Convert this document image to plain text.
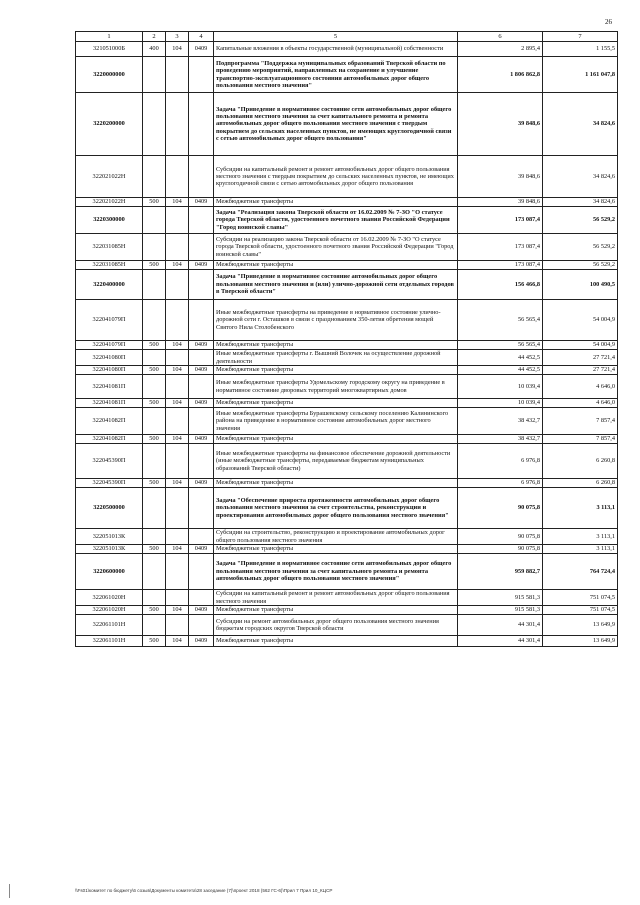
26
1	2	3	4	5	6	7
321051000Б	400	104	0409	Капитальные вложения в объекты государственной (муниципальной) собственности	2 895,4	1 155,5
3220000000				Подпрограмма "Поддержка муниципальных образований Тверской области по проведению мероприятий, направленных на сохранение и улучшение транспортно-эксплуатационного состояния автомобильных дорог общего пользования местного значения"	1 806 862,8	1 161 047,8
3220200000				Задача "Приведение в нормативное состояние сети автомобильных дорог общего пользования местного значения за счет капитального ремонта и ремонта автомобильных дорог общего пользования местного значения с твердым покрытием до сельских населенных пунктов, не имеющих круглогодичной связи с сетью автомобильных дорог общего пользования"	39 848,6	34 824,6
322021022Н				Субсидии на капитальный ремонт и ремонт автомобильных дорог общего пользования местного значения с твердым покрытием до сельских населенных пунктов, не имеющих круглогодичной связи с сетью автомобильных дорог общего пользования	39 848,6	34 824,6
322021022Н	500	104	0409	Межбюджетные трансферты	39 848,6	34 824,6
3220300000				Задача "Реализация закона Тверской области от 16.02.2009 № 7-ЗО "О статусе города Тверской области, удостоенного почетного звания Российской Федерации "Город воинской славы"	173 087,4	56 529,2
322031085Н				Субсидии на реализацию закона Тверской области от 16.02.2009 № 7-ЗО "О статусе города Тверской области, удостоенного почетного звания Российской Федерации "Город воинской славы"	173 087,4	56 529,2
322031085Н	500	104	0409	Межбюджетные трансферты	173 087,4	56 529,2
3220400000				Задача "Приведение в нормативное состояние автомобильных дорог общего пользования местного значения и (или) улично-дорожной сети отдельных городов в Тверской области"	156 466,8	100 490,5
322041079П				Иные межбюджетные трансферты на приведение в нормативное состояние улично-дорожной сети г. Осташков в связи с празднованием 350-летия обретения мощей Святого Нила Столобенского	56 565,4	54 004,9
322041079П	500	104	0409	Межбюджетные трансферты	56 565,4	54 004,9
322041080П				Иные межбюджетные трансферты г. Вышний Волочек на осуществление дорожной деятельности	44 452,5	27 721,4
322041080П	500	104	0409	Межбюджетные трансферты	44 452,5	27 721,4
322041081П				Иные межбюджетные трансферты Удомельскому городскому округу на приведение в нормативное состояние дворовых территорий многоквартирных домов	10 039,4	4 646,0
322041081П	500	104	0409	Межбюджетные трансферты	10 039,4	4 646,0
322041082П				Иные межбюджетные трансферты Бурашевскому сельскому поселению Калининского района на приведение в нормативное состояние автомобильных дорог местного значения	38 432,7	7 857,4
322041082П	500	104	0409	Межбюджетные трансферты	38 432,7	7 857,4
322045390П				Иные межбюджетные трансферты на финансовое обеспечение дорожной деятельности (иные межбюджетные трансферты, передаваемые бюджетам муниципальных образований Тверской области)	6 976,8	6 260,8
322045390П	500	104	0409	Межбюджетные трансферты	6 976,8	6 260,8
3220500000				Задача "Обеспечение прироста протяженности автомобильных дорог общего пользования местного значения за счет строительства, реконструкции и проектирования автомобильных дорог общего пользования местного значения"	90 075,8	3 113,1
322051013К				Субсидии на строительство, реконструкцию и проектирование автомобильных дорог общего пользования местного значения	90 075,8	3 113,1
322051013К	500	104	0409	Межбюджетные трансферты	90 075,8	3 113,1
3220600000				Задача "Приведение в нормативное состояние сети автомобильных дорог общего пользования местного значения за счет капитального ремонта и ремонта автомобильных дорог общего пользования местного значения"	959 882,7	764 724,4
322061020Н				Субсидии на капитальный ремонт и ремонт автомобильных дорог общего пользования местного значения	915 581,3	751 074,5
322061020Н	500	104	0409	Межбюджетные трансферты	915 581,3	751 074,5
322061101Н				Субсидии на ремонт автомобильных дорог общего пользования местного значения бюджетам городских округов Тверской области	44 301,4	13 649,9
322061101Н	500	104	0409	Межбюджетные трансферты	44 301,4	13 649,9
\\Fs01\комитет по бюджету\6 созыв\Документы комитета\28 заседание (7)\проект 2018 (562 ГС-6)\Прил 7 Прил 10_КЦСР
